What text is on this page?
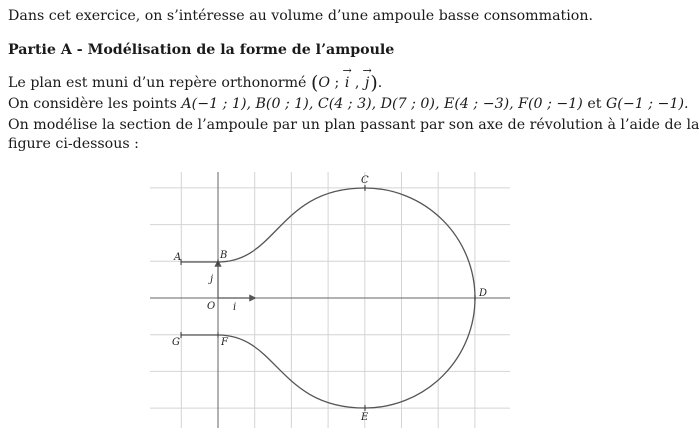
Dans cet exercice, on s’intéresse au volume d’une ampoule basse consommation.
Partie A - Modélisation de la forme de l’ampoule
Le plan est muni d’un repère orthonormé (O ; → i , → j).
On considère les points A(−1 ; 1), B(0 ; 1), C(4 ; 3), D(7 ; 0), E(4 ; −3), F(0 ; −1) et G(−1 ; −1).
On modélise la section de l’ampoule par un plan passant par son axe de révolution à l’aide de la
figure ci-dessous :
A	B
C
D
E
F
G
O i
j
